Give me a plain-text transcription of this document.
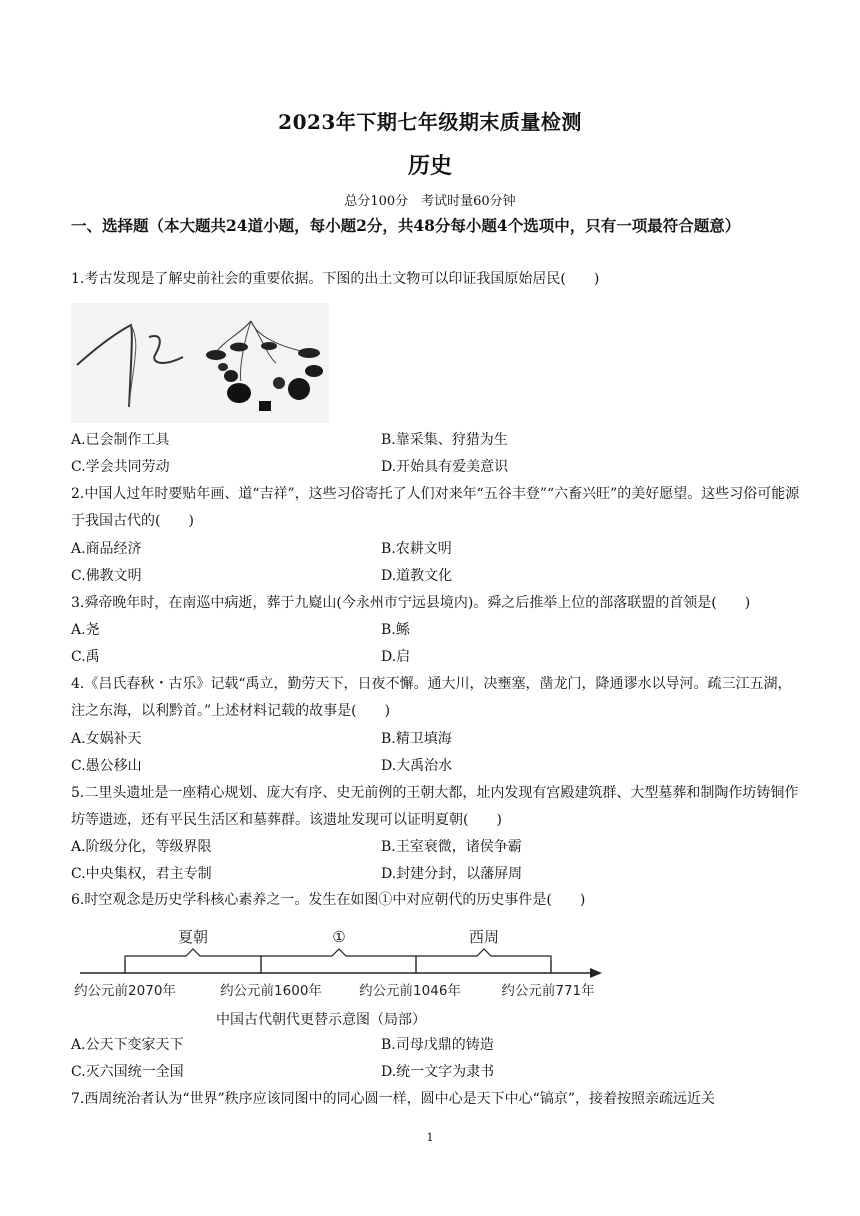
2023年下期七年级期末质量检测
历史
总分100分　考试时量60分钟
一、选择题（本大题共24道小题，每小题2分，共48分每小题4个选项中，只有一项最符合题意）
1.考古发现是了解史前社会的重要依据。下图的出土文物可以印证我国原始居民(　　)
A.已会制作工具	B.靠采集、狩猎为生
C.学会共同劳动	D.开始具有爱美意识
2.中国人过年时要贴年画、道“吉祥”，这些习俗寄托了人们对来年“五谷丰登”“六畜兴旺”的美好愿望。这些习俗可能源于我国古代的(　　)
A.商品经济	B.农耕文明
C.佛教文明	D.道教文化
3.舜帝晚年时，在南巡中病逝，葬于九嶷山(今永州市宁远县境内)。舜之后推举上位的部落联盟的首领是(　　)
A.尧	B.鲧
C.禹	D.启
4.《吕氏春秋・古乐》记载“禹立，勤劳天下，日夜不懈。通大川，决壅塞，凿龙门，降通谬水以导河。疏三江五湖，注之东海，以利黔首。”上述材料记载的故事是(　　)
A.女娲补天	B.精卫填海
C.愚公移山	D.大禹治水
5.二里头遗址是一座精心规划、庞大有序、史无前例的王朝大都，址内发现有宫殿建筑群、大型墓葬和制陶作坊铸铜作坊等遗迹，还有平民生活区和墓葬群。该遗址发现可以证明夏朝(　　)
A.阶级分化，等级界限	B.王室衰微，诸侯争霸
C.中央集权，君主专制	D.封建分封，以藩屏周
6.时空观念是历史学科核心素养之一。发生在如图①中对应朝代的历史事件是(　　)
夏朝	①	西周
约公元前2070年	约公元前1600年	约公元前1046年	约公元前771年
中国古代朝代更替示意图（局部）
A.公天下变家天下	B.司母戊鼎的铸造
C.灭六国统一全国	D.统一文字为隶书
7.西周统治者认为“世界”秩序应该同图中的同心圆一样，圆中心是天下中心“镐京”，接着按照亲疏远近关
1
